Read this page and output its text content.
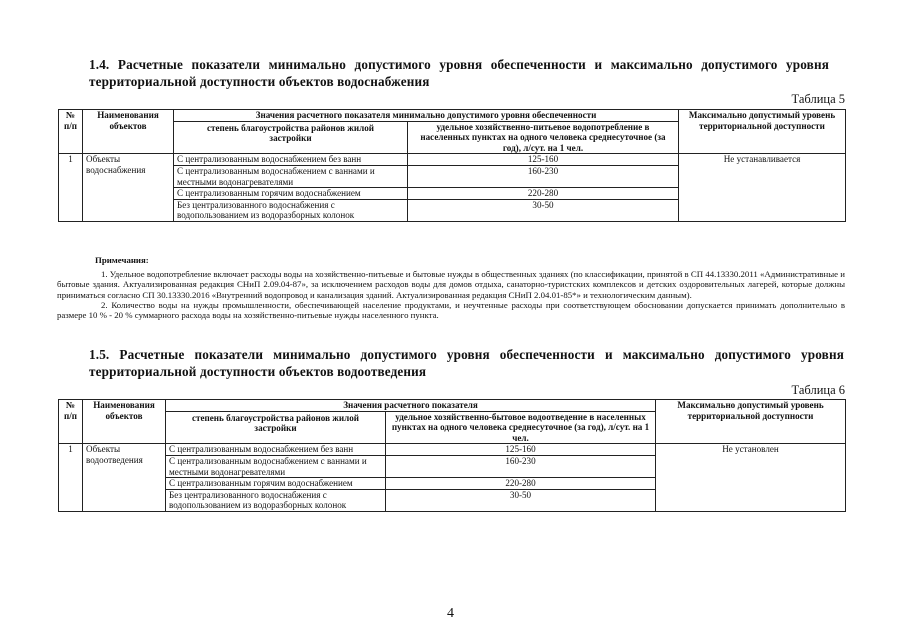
1.4. Расчетные показатели минимально допустимого уровня обеспеченности и максимально допустимого уровня территориальной доступности объектов водоснабжения
Таблица 5
№ п/п	Наименования объектов	Значения расчетного показателя минимально допустимого уровня обеспеченности		Максимально допустимый уровень территориальной доступности
		степень благоустройства районов жилой застройки	удельное хозяйственно-питьевое водопотребление в населенных пунктах на одного человека среднесуточное (за год), л/сут. на 1 чел.	
1	Объекты водоснабжения	С централизованным водоснабжением без ванн	125-160	Не устанавливается
		С централизованным водоснабжением с ваннами и местными водонагревателями	160-230	
		С централизованным горячим водоснабжением	220-280	
		Без централизованного водоснабжения с водопользованием из водоразборных колонок	30-50	

Примечания:

1. Удельное водопотребление включает расходы воды на хозяйственно-питьевые и бытовые нужды в общественных зданиях (по классификации, принятой в СП 44.13330.2011 «Административные и бытовые здания. Актуализированная редакция СНиП 2.09.04-87», за исключением расходов воды для домов отдыха, санаторно-туристских комплексов и детских оздоровительных лагерей, которые должны приниматься согласно СП 30.13330.2016 «Внутренний водопровод и канализация зданий. Актуализированная редакция СНиП 2.04.01-85*» и технологическим данным).

2. Количество воды на нужды промышленности, обеспечивающей население продуктами, и неучтенные расходы при соответствующем обосновании допускается принимать дополнительно в размере 10 % - 20 % суммарного расхода воды на хозяйственно-питьевые нужды населенного пункта.

1.5. Расчетные показатели минимально допустимого уровня обеспеченности и максимально допустимого уровня территориальной доступности объектов водоотведения
Таблица 6
№ п/п	Наименования объектов	Значения расчетного показателя		Максимально допустимый уровень территориальной доступности
		степень благоустройства районов жилой застройки	удельное хозяйственно-бытовое водоотведение в населенных пунктах на одного человека среднесуточное (за год), л/сут. на 1 чел.	
1	Объекты водоотведения	С централизованным водоснабжением без ванн	125-160	Не установлен
		С централизованным водоснабжением с ваннами и местными водонагревателями	160-230	
		С централизованным горячим водоснабжением	220-280	
		Без централизованного водоснабжения с водопользованием из водоразборных колонок	30-50	
4
